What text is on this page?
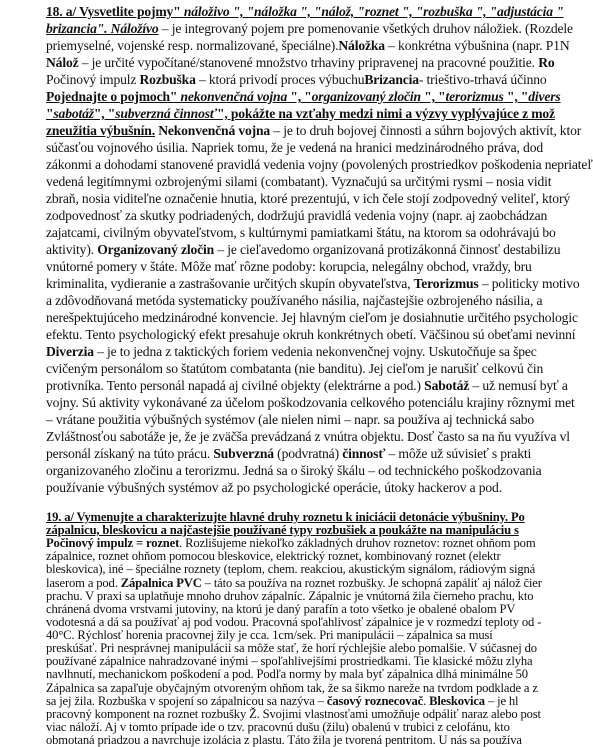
18. a/ Vysvetlite pojmy" náloživo ", "náložka ", "nálož, "roznet ", "rozbuška ", "adjustácia "
brizancia". Náložívo – je integrovaný pojem pre pomenovanie všetkých druhov náložiek. (Rozdele
priemyselné, vojenské resp. normalizované, špeciálne).Náložka – konkrétna výbušnina (napr. P1N
Nálož – je určité vypočítané/stanovené množstvo trhaviny pripravenej na pracovné použitie. Ro
Počinový impulz Rozbuška – ktorá privodí proces výbuchuBrizancia- trieštivo-trhavá účinno
Pojednajte o pojmoch" nekonvenčná vojna ", "organizovaný zločin ", "terorizmus ", "divers
"sabotáž", "subverzná činnosť", pokážte na vzťahy medzi nimi a výzvy vyplývajúce z mož
zneužitia výbušnín. Nekonvenčná vojna – je to druh bojovej činnosti a súhrn bojových aktivít, ktor
súčasťou vojnového úsilia. Napriek tomu, že je vedená na hranici medzinárodného práva, dod
zákonmi a dohodami stanovené pravidlá vedenia vojny (povolených prostriedkov poškodenia nepriateľ
vedená legitímnymi ozbrojenými silami (combatant). Vyznačujú sa určitými rysmi – nosia vidit
zbraň, nosia viditeľne označenie hnutia, ktoré prezentujú, v ich čele stojí zodpovedný veliteľ, ktorý
zodpovednosť za skutky podriadených, dodržujú pravidlá vedenia vojny (napr. aj zaobchádzan
zajatcami, civilným obyvateľstvom, s kultúrnymi pamiatkami štátu, na ktorom sa odohrávajú bo
aktivity). Organizovaný zločin – je cieľavedomo organizovaná protizákonná činnosť destabilizu
vnútorné pomery v štáte. Môže mať rôzne podoby: korupcia, nelegálny obchod, vraždy, bru
kriminalita, vydieranie a zastrašovanie určitých skupín obyvateľstva, Terorizmus – politicky motivo
a zdôvodňovaná metóda systematicky používaného násilia, najčastejšie ozbrojeného násilia, a
nerešpektujúceho medzinárodné konvencie. Jej hlavným cieľom je dosiahnutie určitého psychologic
efektu. Tento psychologický efekt presahuje okruh konkrétnych obetí. Väčšinou sú obeťami nevinní
Diverzia – je to jedna z taktických foriem vedenia nekonvenčnej vojny. Uskutočňuje sa špec
cvičeným personálom so štatútom combatanta (nie banditu). Jej cieľom je narušiť celkovú čin
protivníka. Tento personál napadá aj civilné objekty (elektrárne a pod.) Sabotáž – už nemusí byť a
vojny. Sú aktivity vykonávané za účelom poškodzovania celkového potenciálu krajiny rôznymi met
– vrátane použitia výbušných systémov (ale nielen nimi – napr. sa používa aj technická sabo
Zvláštnosťou sabotáže je, že je zväčša prevádzaná z vnútra objektu. Dosť často sa na ňu využíva vl
personál získaný na túto prácu. Subverzná (podvratná) činnosť – môže už súvisieť s prakti
organizovaného zločinu a terorizmu. Jedná sa o široký škálu – od technického poškodzovania
používanie výbušných systémov až po psychologické operácie, útoky hackerov a pod.
19. a/ Vymenujte a charakterizujte hlavné druhy roznetu k iniciácii detonácie výbušniny. Po
zápalnicu, bleskovicu a najčastejšie používané typy rozbušiek a poukážte na manipuláciu s
Počinový impulz = roznet. Rozlišujeme niekoľko základných druhov roznetov: roznet ohňom pom
zápalnice, roznet ohňom pomocou bleskovice, elektrický roznet, kombinovaný roznet (elektr
bleskovica), iné – špeciálne roznety (teplom, chem. reakciou, akustickým signálom, rádiovým signá
laserom a pod. Zápalnica PVC – táto sa používa na roznet rozbušky. Je schopná zapáliť aj nálož čier
prachu. V praxi sa uplatňuje mnoho druhov zápalníc. Zápalnic je vnútorná žila čierneho prachu, kto
chránená dvoma vrstvami jutoviny, na ktorú je daný parafín a toto všetko je obalené obalom PV
vodotesná a dá sa používať aj pod vodou. Pracovná spoľahlivosť zápalnice je v rozmedzí teploty od -
40°C. Rýchlosť horenia pracovnej žily je cca. 1cm/sek. Pri manipulácii – zápalnica sa musí
preskúšať. Pri nesprávnej manipulácii sa môže stať, že horí rýchlejšie alebo pomalšie. V súčasnej do
používané zápalnice nahradzované inými – spoľahlivejšími prostriedkami. Tie klasické môžu zlyha
navlhnutí, mechanickom poškodení a pod. Podľa normy by mala byť zápalnica dlhá minimálne 50
Zápalnica sa zapaľuje obyčajným otvoreným ohňom tak, že sa šikmo nareže na tvrdom podklade a z
sa jej žila. Rozbuška v spojení so zápalnicou sa nazýva – časový roznecovač. Bleskovica – je hl
pracovný komponent na roznet rozbušky Ž. Svojimi vlastnosťami umožňuje odpáliť naraz alebo post
viac náloží. Aj v tomto prípade ide o tzv. pracovnú dušu (žilu) obalenú v trubici z celofánu, kto
obmotaná priadzou a navrchuje izolácia z plastu. Táto žila je tvorená pentritom. U nás sa používa
